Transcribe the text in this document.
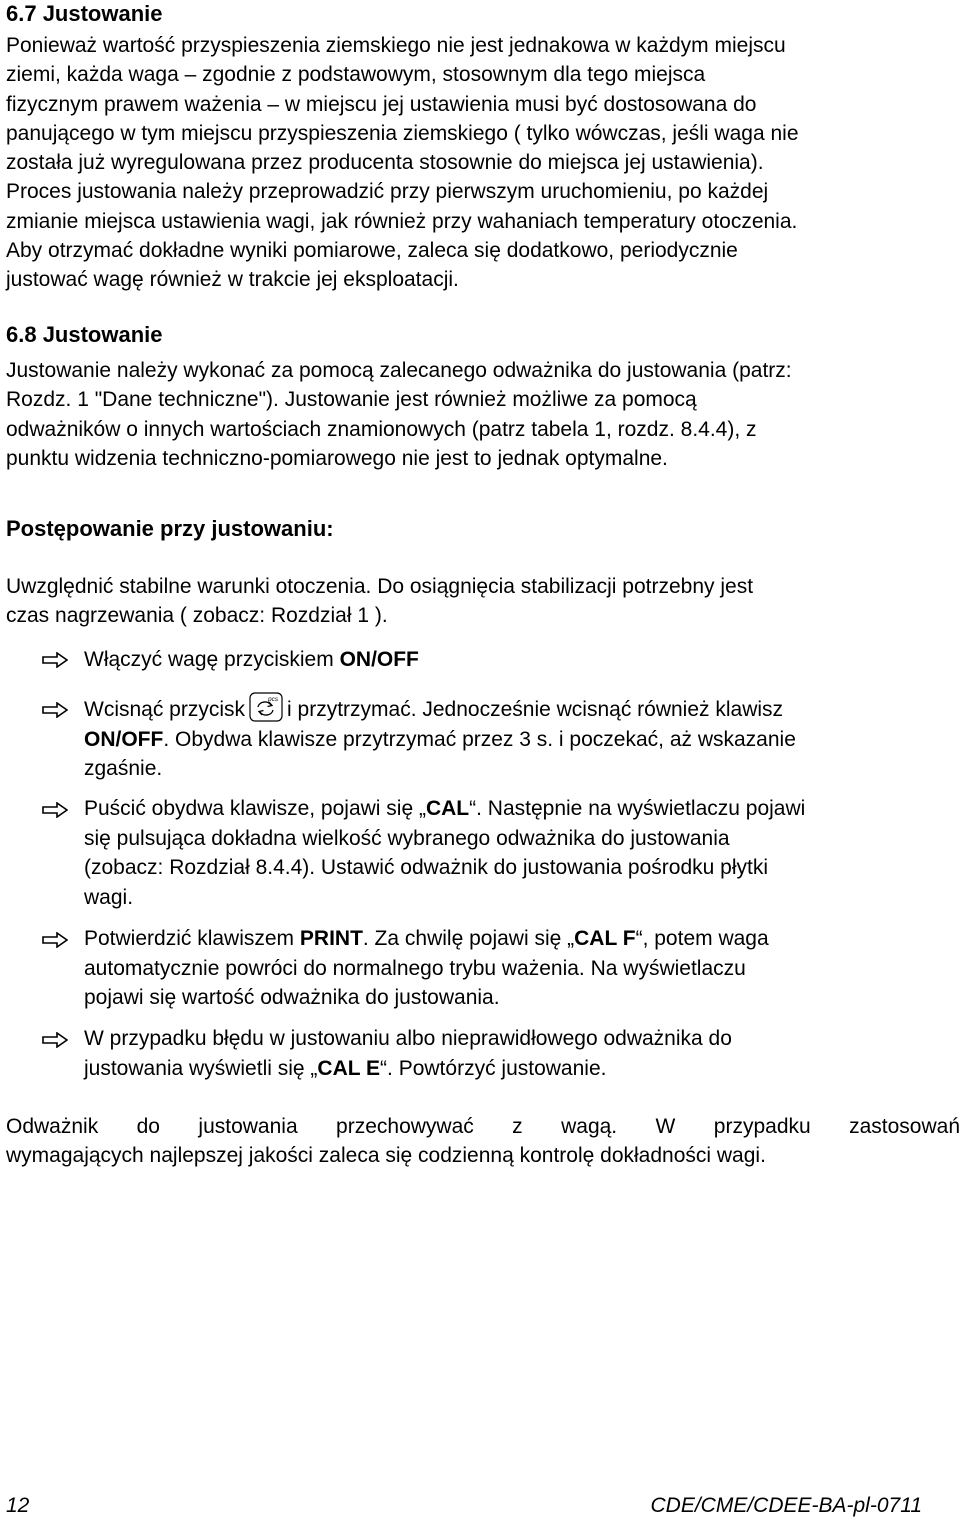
6.7 Justowanie
Ponieważ wartość przyspieszenia ziemskiego nie jest jednakowa w każdym miejscu
ziemi, każda waga – zgodnie z podstawowym, stosownym dla tego miejsca
fizycznym prawem ważenia – w miejscu jej ustawienia musi być dostosowana do
panującego w tym miejscu przyspieszenia ziemskiego ( tylko wówczas, jeśli waga nie
została już wyregulowana przez producenta stosownie do miejsca jej ustawienia).
Proces justowania należy przeprowadzić przy pierwszym uruchomieniu, po każdej
zmianie miejsca ustawienia wagi, jak również przy wahaniach temperatury otoczenia.
Aby otrzymać dokładne wyniki pomiarowe, zaleca się dodatkowo, periodycznie
justować wagę również w trakcie jej eksploatacji.
6.8 Justowanie
Justowanie należy wykonać za pomocą zalecanego odważnika do justowania (patrz:
Rozdz. 1 "Dane techniczne"). Justowanie jest również możliwe za pomocą
odważników o innych wartościach znamionowych (patrz tabela 1, rozdz. 8.4.4), z
punktu widzenia techniczno-pomiarowego nie jest to jednak optymalne.
Postępowanie przy justowaniu:
Uwzględnić stabilne warunki otoczenia. Do osiągnięcia stabilizacji potrzebny jest
czas nagrzewania ( zobacz: Rozdział 1 ).
Włączyć wagę przyciskiem ON/OFF
Wcisnąć przycisk	pcs i przytrzymać. Jednocześnie wcisnąć również klawisz
ON/OFF. Obydwa klawisze przytrzymać przez 3 s. i poczekać, aż wskazanie
zgaśnie.
Puścić obydwa klawisze, pojawi się „CAL“. Następnie na wyświetlaczu pojawi
się pulsująca dokładna wielkość wybranego odważnika do justowania
(zobacz: Rozdział 8.4.4). Ustawić odważnik do justowania pośrodku płytki
wagi.
Potwierdzić klawiszem PRINT. Za chwilę pojawi się „CAL F“, potem waga
automatycznie powróci do normalnego trybu ważenia. Na wyświetlaczu
pojawi się wartość odważnika do justowania.
W przypadku błędu w justowaniu albo nieprawidłowego odważnika do
justowania wyświetli się „CAL E“. Powtórzyć justowanie.
Odważnik do justowania przechowywać z wagą. W przypadku zastosowań
wymagających najlepszej jakości zaleca się codzienną kontrolę dokładności wagi.
12	CDE/CME/CDEE-BA-pl-0711
